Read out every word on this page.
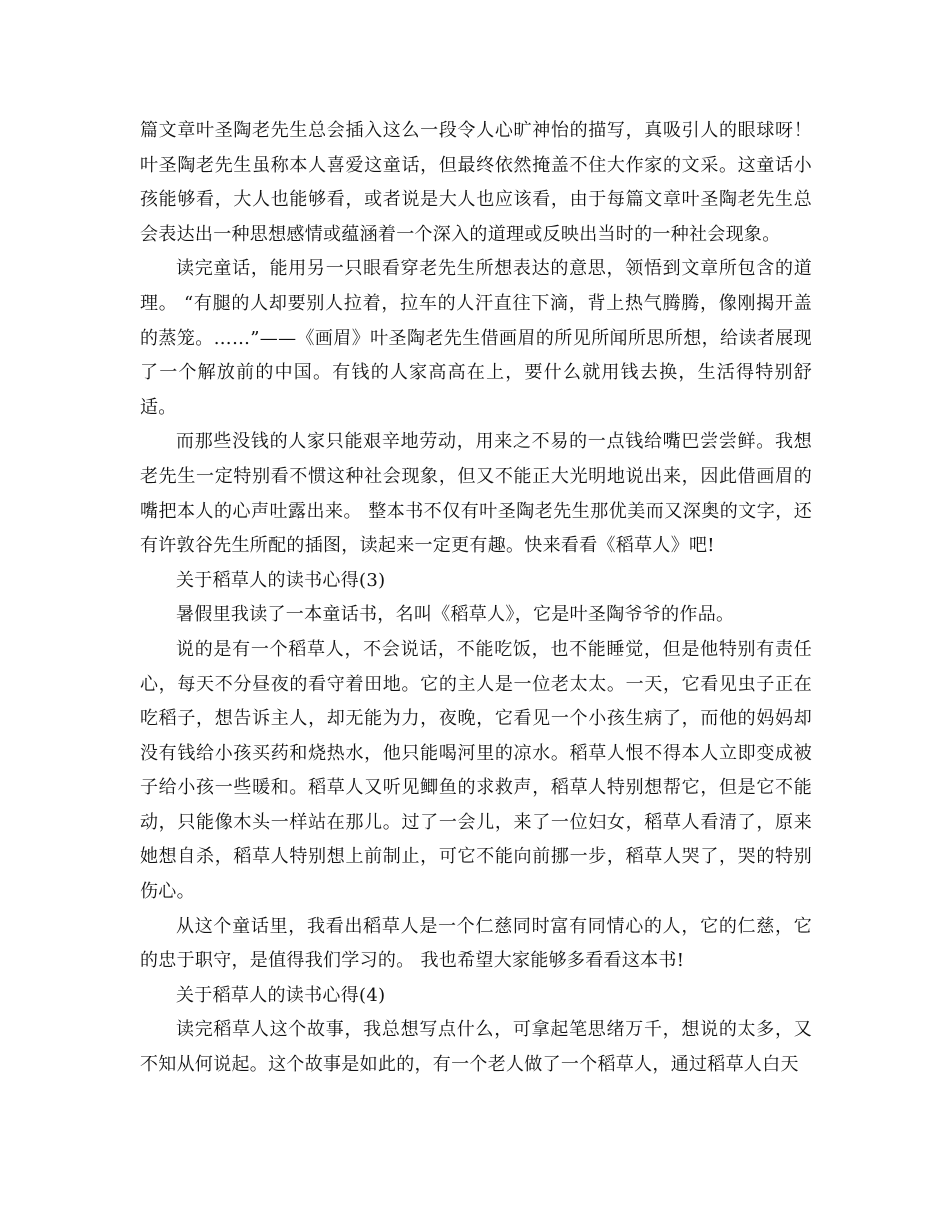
篇文章叶圣陶老先生总会插入这么一段令人心旷神怡的描写，真吸引人的眼球呀！叶圣陶老先生虽称本人喜爱这童话，但最终依然掩盖不住大作家的文采。这童话小孩能够看，大人也能够看，或者说是大人也应该看，由于每篇文章叶圣陶老先生总会表达出一种思想感情或蕴涵着一个深入的道理或反映出当时的一种社会现象。

读完童话，能用另一只眼看穿老先生所想表达的意思，领悟到文章所包含的道理。 “有腿的人却要别人拉着，拉车的人汗直往下滴，背上热气腾腾，像刚揭开盖的蒸笼。……”——《画眉》叶圣陶老先生借画眉的所见所闻所思所想，给读者展现了一个解放前的中国。有钱的人家高高在上，要什么就用钱去换，生活得特别舒适。

而那些没钱的人家只能艰辛地劳动，用来之不易的一点钱给嘴巴尝尝鲜。我想老先生一定特别看不惯这种社会现象，但又不能正大光明地说出来，因此借画眉的嘴把本人的心声吐露出来。 整本书不仅有叶圣陶老先生那优美而又深奥的文字，还有许敦谷先生所配的插图，读起来一定更有趣。快来看看《稻草人》吧!

关于稻草人的读书心得(3)

暑假里我读了一本童话书，名叫《稻草人》，它是叶圣陶爷爷的作品。

说的是有一个稻草人，不会说话，不能吃饭，也不能睡觉，但是他特别有责任心，每天不分昼夜的看守着田地。它的主人是一位老太太。一天，它看见虫子正在吃稻子，想告诉主人，却无能为力，夜晚，它看见一个小孩生病了，而他的妈妈却没有钱给小孩买药和烧热水，他只能喝河里的凉水。稻草人恨不得本人立即变成被子给小孩一些暖和。稻草人又听见鲫鱼的求救声，稻草人特别想帮它，但是它不能动，只能像木头一样站在那儿。过了一会儿，来了一位妇女，稻草人看清了，原来她想自杀，稻草人特别想上前制止，可它不能向前挪一步，稻草人哭了，哭的特别伤心。

从这个童话里，我看出稻草人是一个仁慈同时富有同情心的人，它的仁慈，它的忠于职守，是值得我们学习的。 我也希望大家能够多看看这本书!

关于稻草人的读书心得(4)

读完稻草人这个故事，我总想写点什么，可拿起笔思绪万千，想说的太多，又不知从何说起。这个故事是如此的，有一个老人做了一个稻草人，通过稻草人白天
